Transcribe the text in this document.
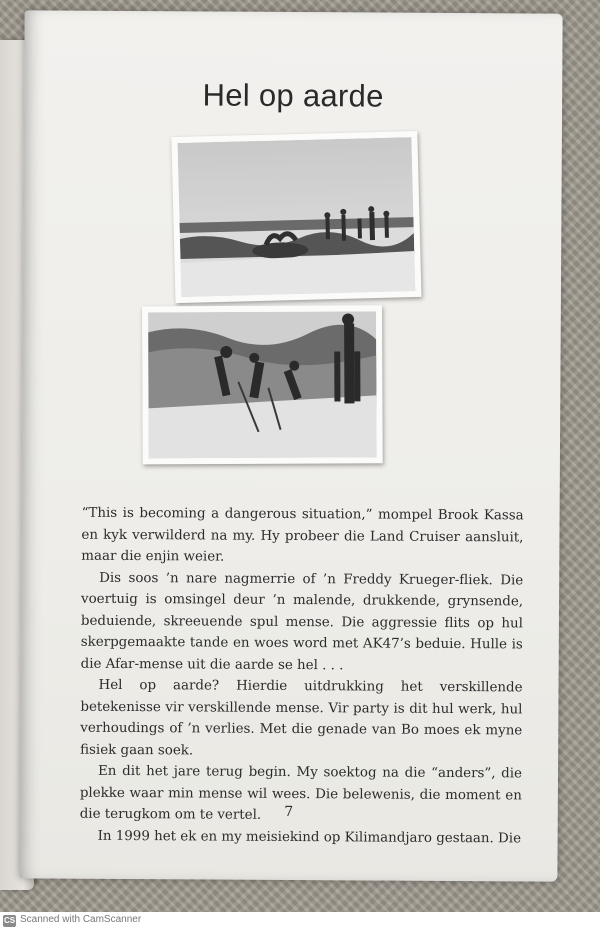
Hel op aarde

“This is becoming a dangerous situation,” mompel Brook Kassa en kyk verwilderd na my. Hy probeer die Land Cruiser aansluit, maar die enjin weier.

Dis soos ’n nare nagmerrie of ’n Freddy Krueger-fliek. Die voertuig is omsingel deur ’n malende, drukkende, grynsende, beduiende, skreeuende spul mense. Die aggressie flits op hul skerpgemaakte tande en woes word met AK47’s beduie. Hulle is die Afar-mense uit die aarde se hel . . .

Hel op aarde? Hierdie uitdrukking het verskillende betekenisse vir verskillende mense. Vir party is dit hul werk, hul verhoudings of ’n verlies. Met die genade van Bo moes ek myne fisiek gaan soek.

En dit het jare terug begin. My soektog na die “anders”, die plekke waar min mense wil wees. Die belewenis, die moment en die terugkom om te vertel.

In 1999 het ek en my meisiekind op Kilimandjaro gestaan. Die

7
CS Scanned with CamScanner
